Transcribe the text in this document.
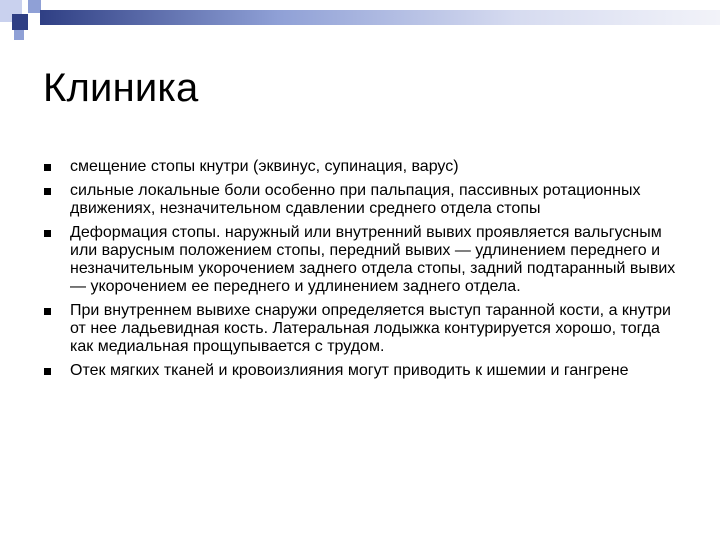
Клиника
смещение стопы кнутри (эквинус, супинация, варус)
сильные локальные боли особенно при пальпация, пассивных ротационных движениях, незначительном сдавлении среднего отдела стопы
Деформация стопы. наружный или внутренний вывих проявляется вальгусным или варусным положением стопы, передний вывих — удлинением переднего и незначительным укорочением заднего отдела стопы, задний подтаранный вывих — укорочением ее переднего и удлинением заднего отдела.
При внутреннем вывихе снаружи определяется выступ таранной кости, а кнутри от нее ладьевидная кость. Латеральная лодыжка контурируется хорошо, тогда как медиальная прощупывается с трудом.
Отек мягких тканей и кровоизлияния могут приводить к ишемии и гангрене
